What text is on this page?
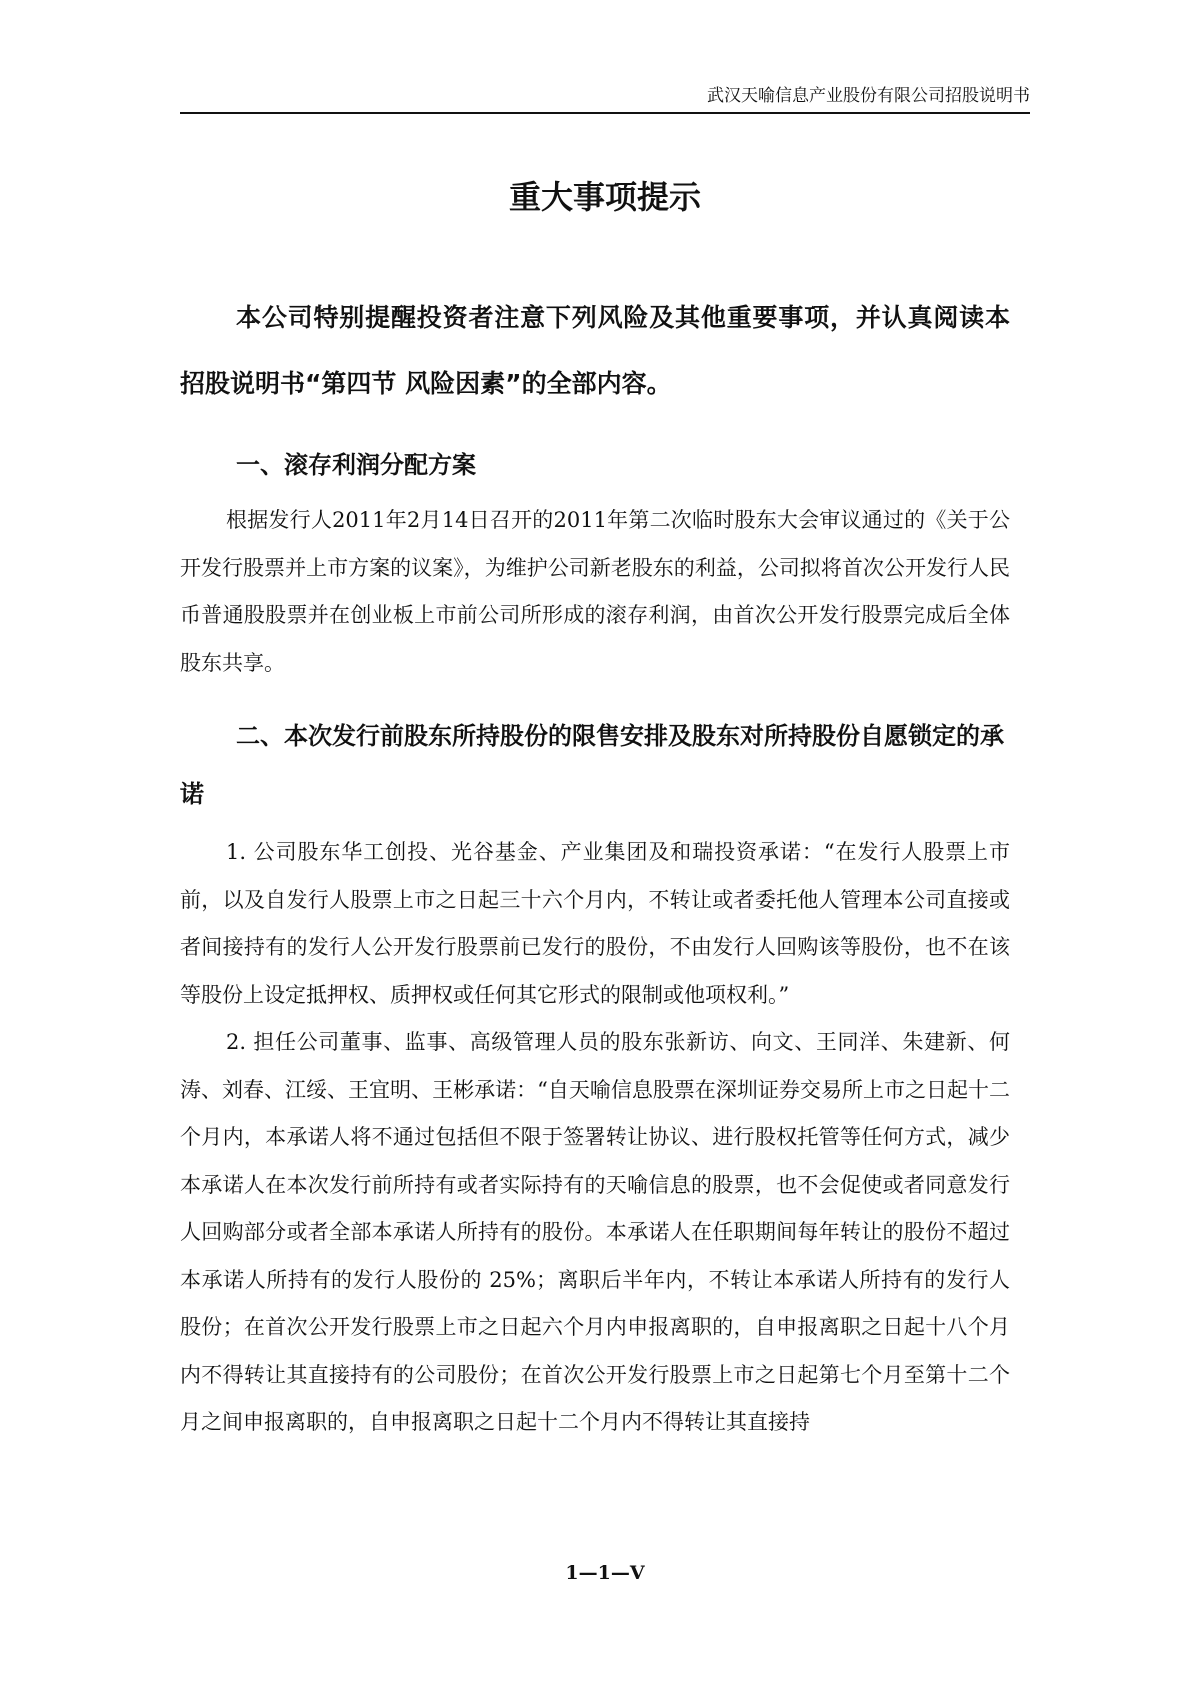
武汉天喻信息产业股份有限公司招股说明书
重大事项提示

本公司特别提醒投资者注意下列风险及其他重要事项，并认真阅读本招股说明书“第四节 风险因素”的全部内容。

一、滚存利润分配方案

根据发行人2011年2月14日召开的2011年第二次临时股东大会审议通过的《关于公开发行股票并上市方案的议案》，为维护公司新老股东的利益，公司拟将首次公开发行人民币普通股股票并在创业板上市前公司所形成的滚存利润，由首次公开发行股票完成后全体股东共享。

二、本次发行前股东所持股份的限售安排及股东对所持股份自愿锁定的承诺

1. 公司股东华工创投、光谷基金、产业集团及和瑞投资承诺：“在发行人股票上市前，以及自发行人股票上市之日起三十六个月内，不转让或者委托他人管理本公司直接或者间接持有的发行人公开发行股票前已发行的股份，不由发行人回购该等股份，也不在该等股份上设定抵押权、质押权或任何其它形式的限制或他项权利。”

2. 担任公司董事、监事、高级管理人员的股东张新访、向文、王同洋、朱建新、何涛、刘春、江绥、王宜明、王彬承诺：“自天喻信息股票在深圳证券交易所上市之日起十二个月内，本承诺人将不通过包括但不限于签署转让协议、进行股权托管等任何方式，减少本承诺人在本次发行前所持有或者实际持有的天喻信息的股票，也不会促使或者同意发行人回购部分或者全部本承诺人所持有的股份。本承诺人在任职期间每年转让的股份不超过本承诺人所持有的发行人股份的 25%；离职后半年内，不转让本承诺人所持有的发行人股份；在首次公开发行股票上市之日起六个月内申报离职的，自申报离职之日起十八个月内不得转让其直接持有的公司股份；在首次公开发行股票上市之日起第七个月至第十二个月之间申报离职的，自申报离职之日起十二个月内不得转让其直接持

1—1—V
